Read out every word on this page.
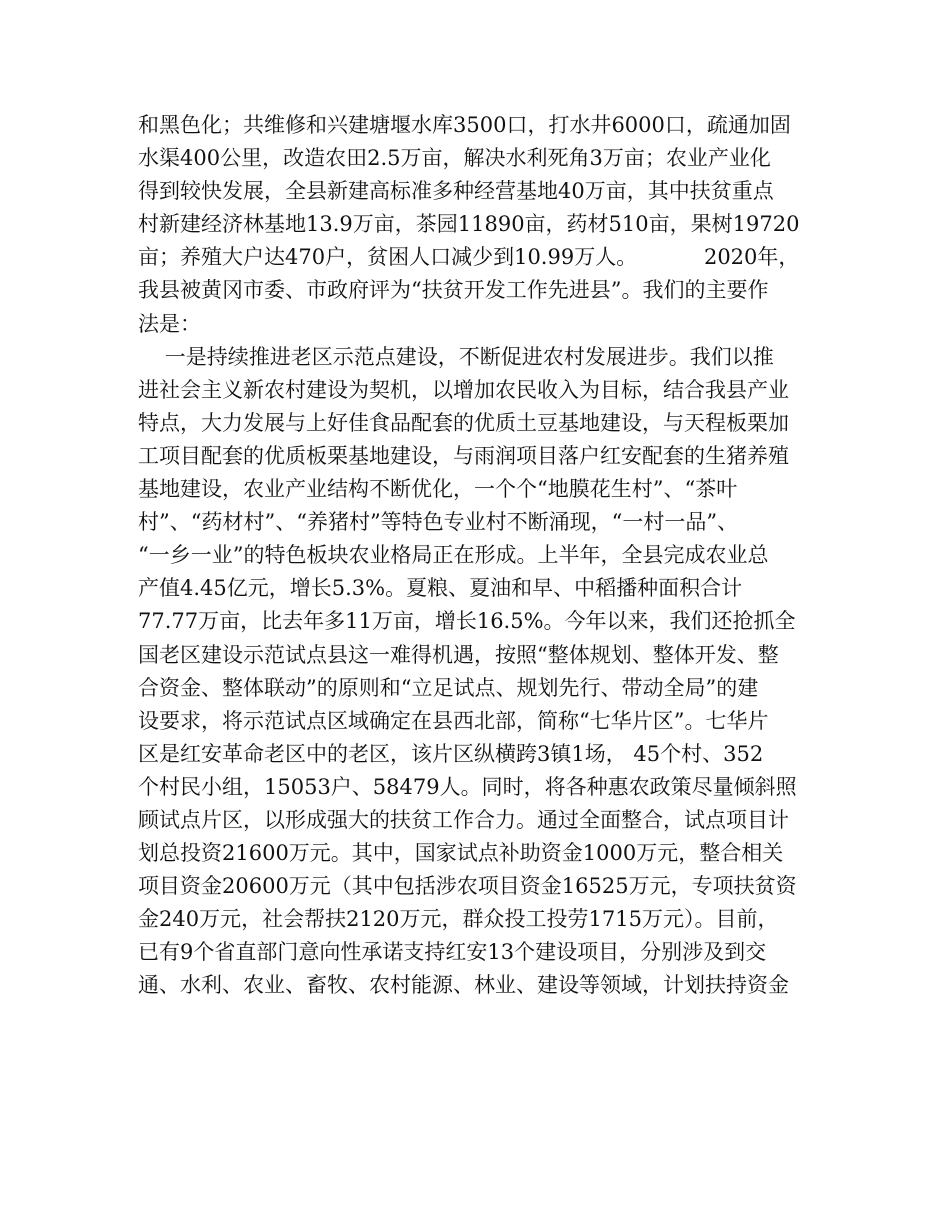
和黑色化；共维修和兴建塘堰水库3500口，打水井6000口，疏通加固
水渠400公里，改造农田2.5万亩，解决水利死角3万亩；农业产业化
得到较快发展，全县新建高标准多种经营基地40万亩，其中扶贫重点
村新建经济林基地13.9万亩，茶园11890亩，药材510亩，果树19720
亩；养殖大户达470户，贫困人口减少到10.99万人。          2020年，
我县被黄冈市委、市政府评为“扶贫开发工作先进县”。我们的主要作
法是：
一是持续推进老区示范点建设，不断促进农村发展进步。我们以推
进社会主义新农村建设为契机，以增加农民收入为目标，结合我县产业
特点，大力发展与上好佳食品配套的优质土豆基地建设，与天程板栗加
工项目配套的优质板栗基地建设，与雨润项目落户红安配套的生猪养殖
基地建设，农业产业结构不断优化，一个个“地膜花生村”、“茶叶
村”、“药材村”、“养猪村”等特色专业村不断涌现，“一村一品”、
“一乡一业”的特色板块农业格局正在形成。上半年，全县完成农业总
产值4.45亿元，增长5.3%。夏粮、夏油和早、中稻播种面积合计
77.77万亩，比去年多11万亩，增长16.5%。今年以来，我们还抢抓全
国老区建设示范试点县这一难得机遇，按照“整体规划、整体开发、整
合资金、整体联动”的原则和“立足试点、规划先行、带动全局”的建
设要求，将示范试点区域确定在县西北部，简称“七华片区”。七华片
区是红安革命老区中的老区，该片区纵横跨3镇1场， 45个村、352
个村民小组，15053户、58479人。同时，将各种惠农政策尽量倾斜照
顾试点片区，以形成强大的扶贫工作合力。通过全面整合，试点项目计
划总投资21600万元。其中，国家试点补助资金1000万元，整合相关
项目资金20600万元（其中包括涉农项目资金16525万元，专项扶贫资
金240万元，社会帮扶2120万元，群众投工投劳1715万元）。目前，
已有9个省直部门意向性承诺支持红安13个建设项目，分别涉及到交
通、水利、农业、畜牧、农村能源、林业、建设等领域，计划扶持资金
